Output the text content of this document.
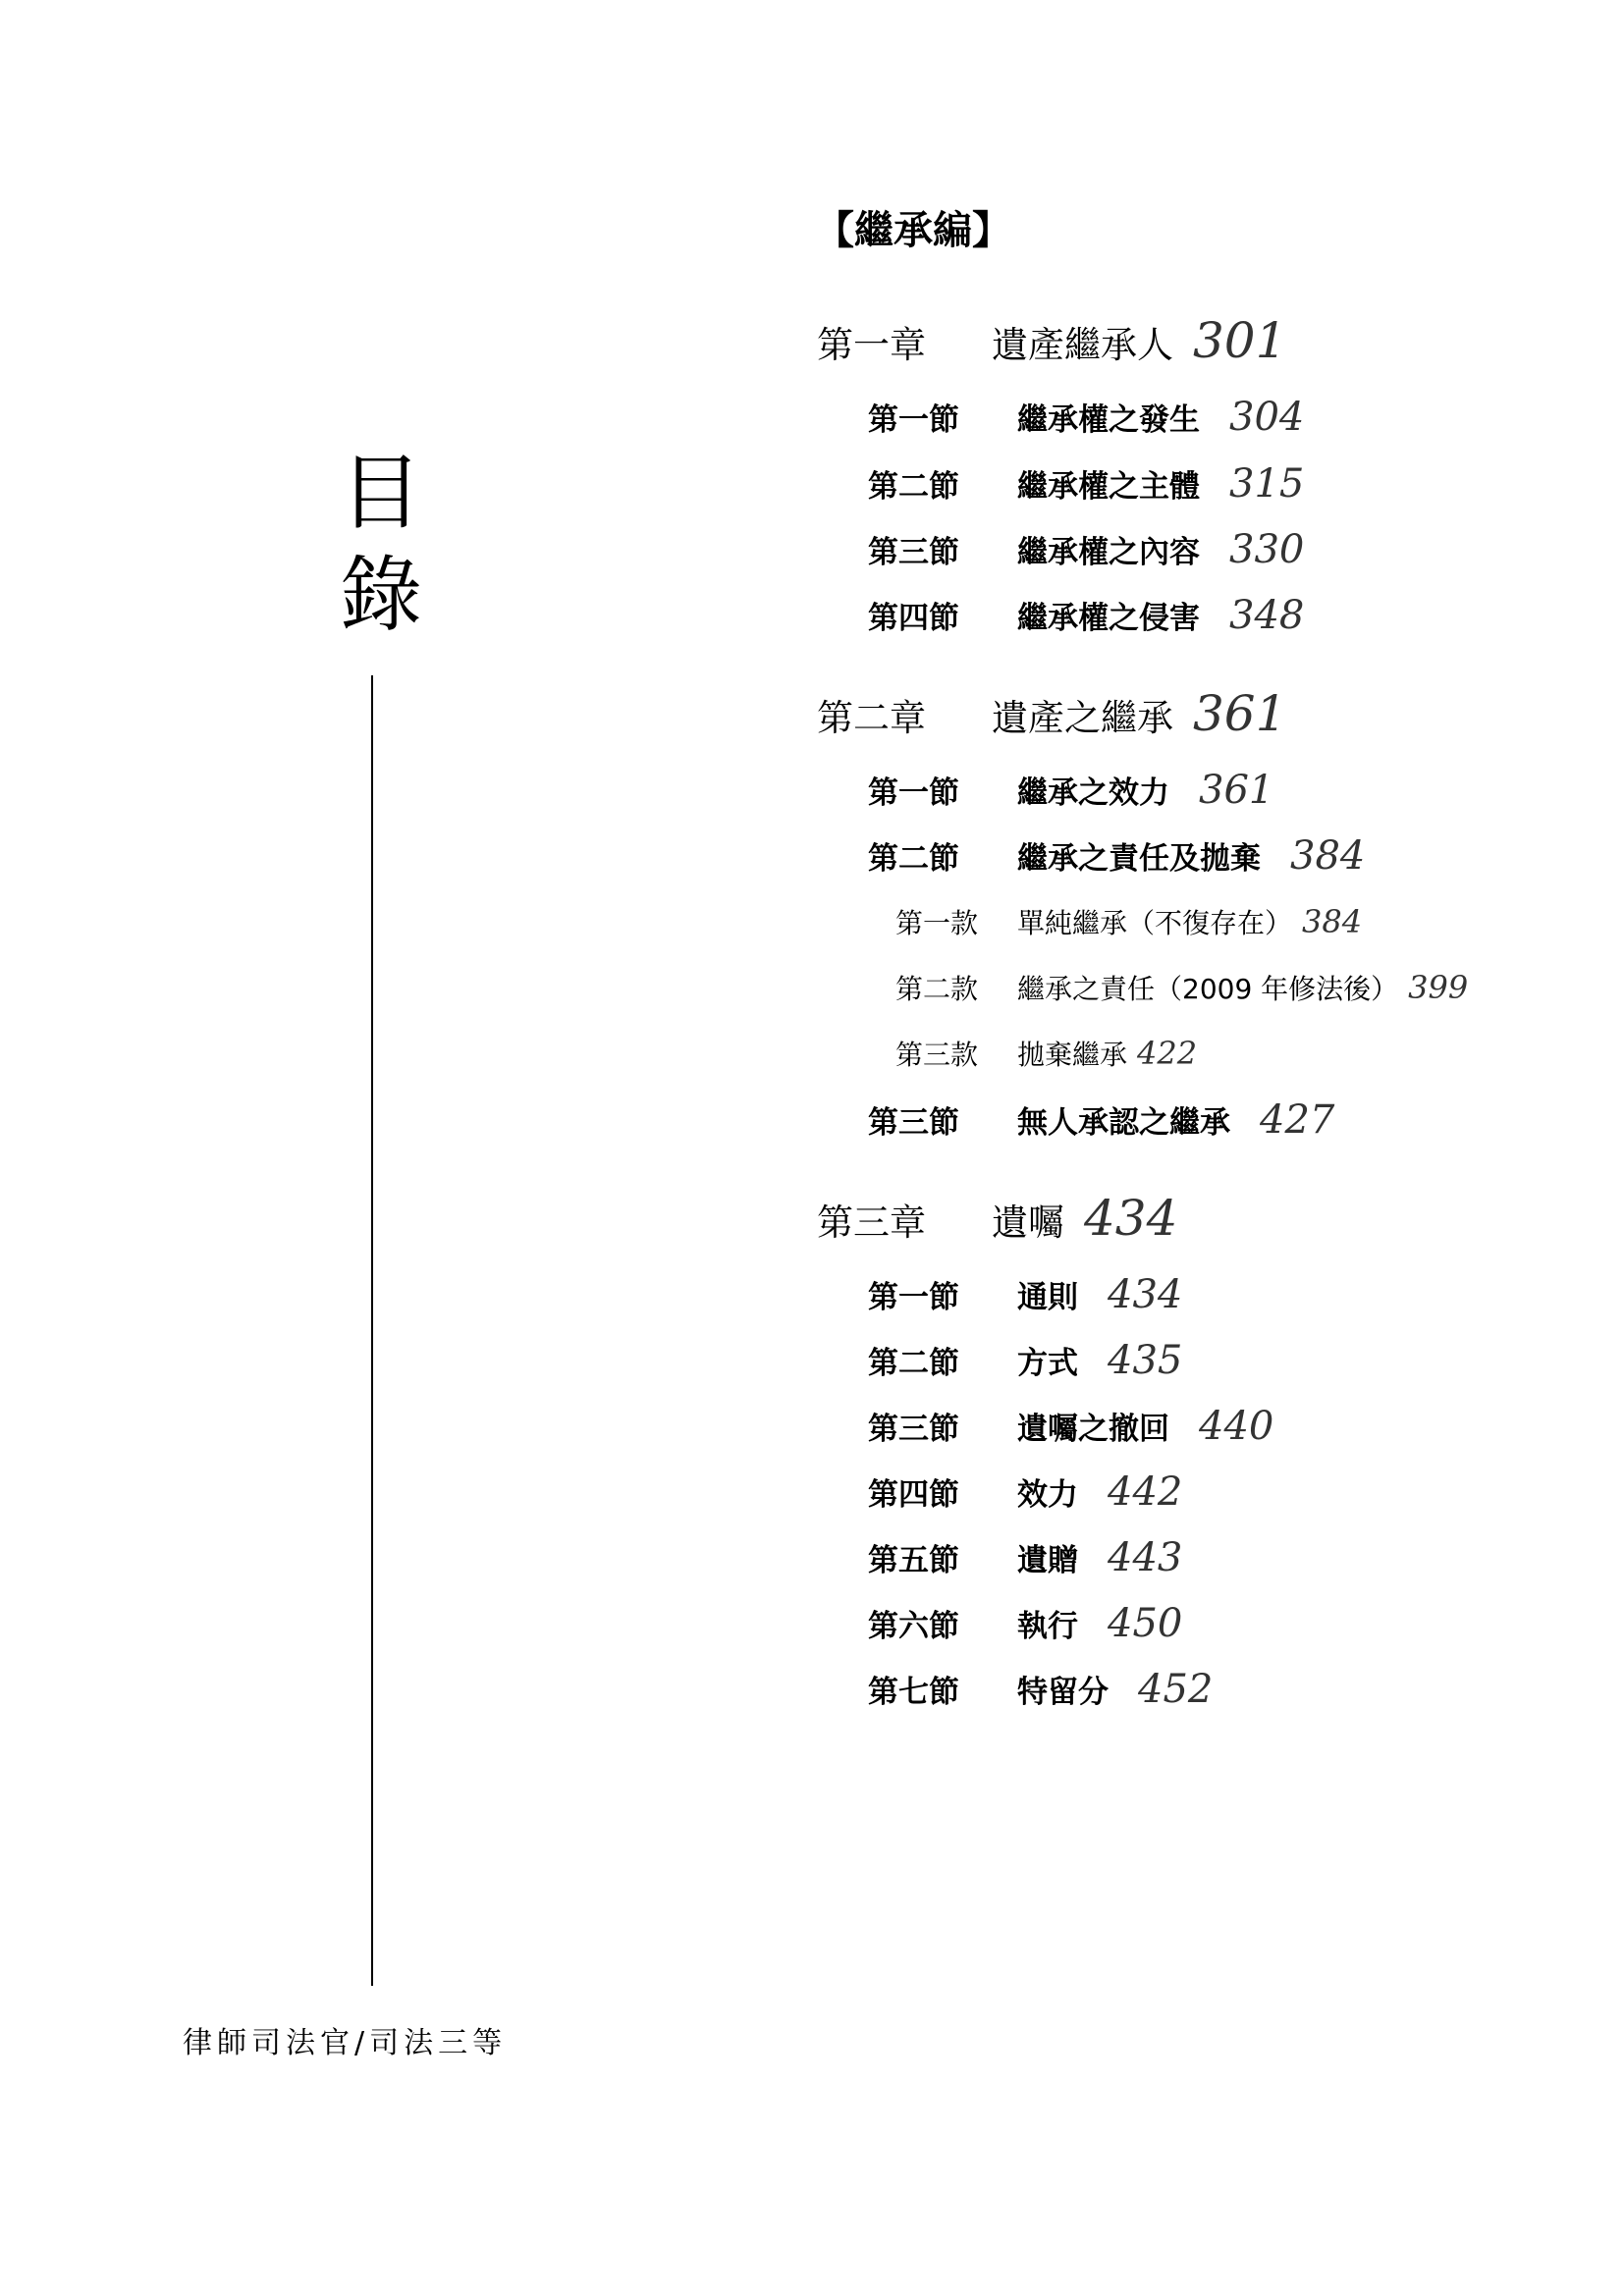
目
錄
律師司法官/司法三等
【繼承編】
第一章	遺產繼承人 301
第一節	繼承權之發生 304
第二節	繼承權之主體 315
第三節	繼承權之內容 330
第四節	繼承權之侵害 348
第二章	遺產之繼承 361
第一節	繼承之效力 361
第二節	繼承之責任及拋棄 384
第一款	單純繼承（不復存在） 384
第二款	繼承之責任（2009 年修法後） 399
第三款	拋棄繼承 422
第三節	無人承認之繼承 427
第三章	遺囑 434
第一節	通則 434
第二節	方式 435
第三節	遺囑之撤回 440
第四節	效力 442
第五節	遺贈 443
第六節	執行 450
第七節	特留分 452
